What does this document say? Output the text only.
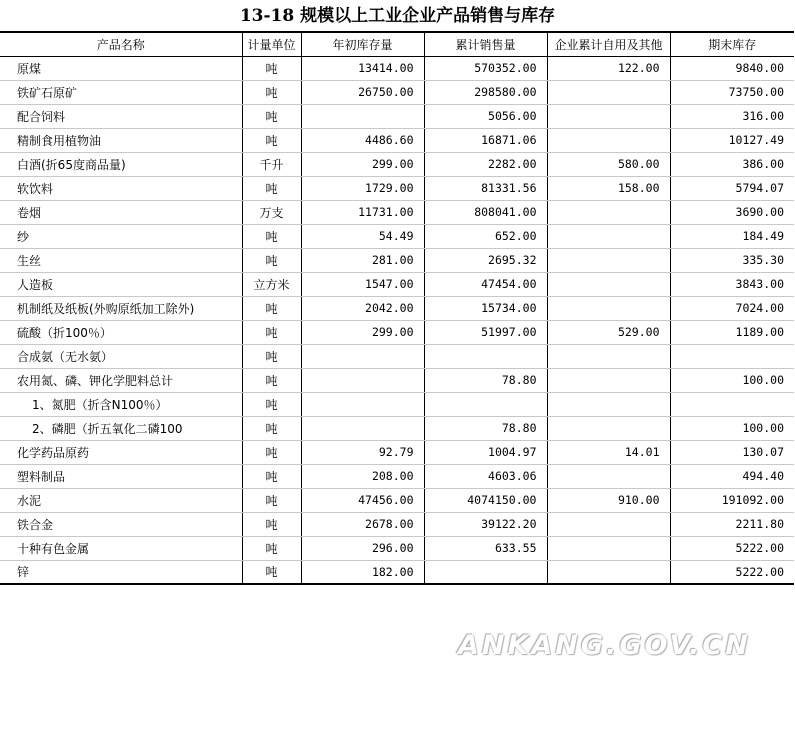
13-18 规模以上工业企业产品销售与库存
产品名称	计量单位	年初库存量	累计销售量	企业累计自用及其他	期末库存
原煤	吨	13414.00	570352.00	122.00	9840.00
铁矿石原矿	吨	26750.00	298580.00		73750.00
配合饲料	吨		5056.00		316.00
精制食用植物油	吨	4486.60	16871.06		10127.49
白酒(折65度商品量)	千升	299.00	2282.00	580.00	386.00
软饮料	吨	1729.00	81331.56	158.00	5794.07
卷烟	万支	11731.00	808041.00		3690.00
纱	吨	54.49	652.00		184.49
生丝	吨	281.00	2695.32		335.30
人造板	立方米	1547.00	47454.00		3843.00
机制纸及纸板(外购原纸加工除外)	吨	2042.00	15734.00		7024.00
硫酸（折100％）	吨	299.00	51997.00	529.00	1189.00
合成氨（无水氨）	吨				
农用氮、磷、钾化学肥料总计	吨		78.80		100.00
1、氮肥（折含N100％）	吨				
2、磷肥（折五氧化二磷100	吨		78.80		100.00
化学药品原药	吨	92.79	1004.97	14.01	130.07
塑料制品	吨	208.00	4603.06		494.40
水泥	吨	47456.00	4074150.00	910.00	191092.00
铁合金	吨	2678.00	39122.20		2211.80
十种有色金属	吨	296.00	633.55		5222.00
锌	吨	182.00			5222.00
ANKANG.GOV.CN
